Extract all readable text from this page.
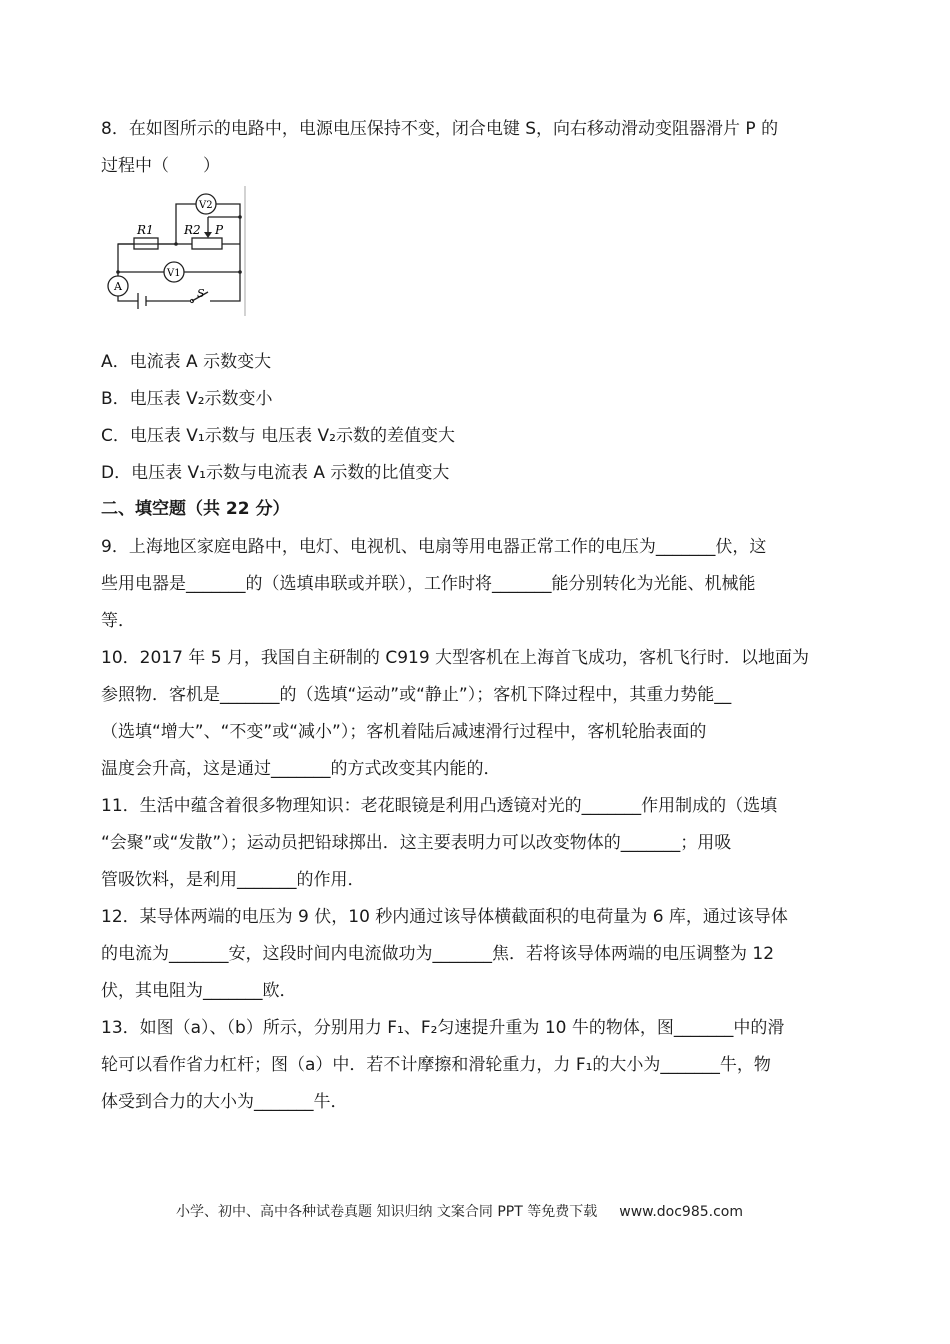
8．在如图所示的电路中，电源电压保持不变，闭合电键 S，向右移动滑动变阻器滑片 P 的
过程中（　　）
R1	R2 P
V2
V1
A
S
A．电流表 A 示数变大
B．电压表 V₂示数变小
C．电压表 V₁示数与 电压表 V₂示数的差值变大
D．电压表 V₁示数与电流表 A 示数的比值变大
二、填空题（共 22 分）
9．上海地区家庭电路中，电灯、电视机、电扇等用电器正常工作的电压为_______伏，这
些用电器是_______的（选填串联或并联），工作时将_______能分别转化为光能、机械能
等．
10．2017 年 5 月，我国自主研制的 C919 大型客机在上海首飞成功，客机飞行时．以地面为
参照物．客机是_______的（选填“运动”或“静止”）；客机下降过程中，其重力势能__
（选填“增大”、“不变”或“减小”）；客机着陆后减速滑行过程中，客机轮胎表面的
温度会升高，这是通过_______的方式改变其内能的．
11．生活中蕴含着很多物理知识：老花眼镜是利用凸透镜对光的_______作用制成的（选填
“会聚”或“发散”）；运动员把铅球掷出．这主要表明力可以改变物体的_______；用吸
管吸饮料，是利用_______的作用．
12．某导体两端的电压为 9 伏，10 秒内通过该导体横截面积的电荷量为 6 库，通过该导体
的电流为_______安，这段时间内电流做功为_______焦．若将该导体两端的电压调整为 12
伏，其电阻为_______欧．
13．如图（a）、（b）所示，分别用力 F₁、F₂匀速提升重为 10 牛的物体，图_______中的滑
轮可以看作省力杠杆；图（a）中．若不计摩擦和滑轮重力，力 F₁的大小为_______牛，物
体受到合力的大小为_______牛．
小学、初中、高中各种试卷真题 知识归纳 文案合同 PPT 等免费下载 www.doc985.com
